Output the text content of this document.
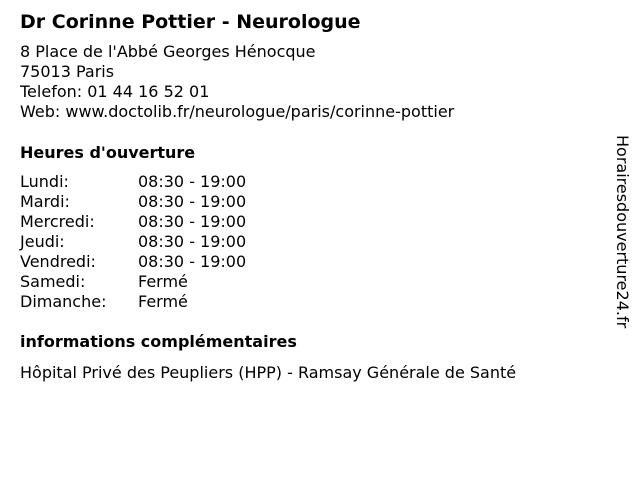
Dr Corinne Pottier - Neurologue
8 Place de l'Abbé Georges Hénocque
75013 Paris
Telefon: 01 44 16 52 01
Web: www.doctolib.fr/neurologue/paris/corinne-pottier
Heures d'ouverture
Lundi:	08:30 - 19:00
Mardi:	08:30 - 19:00
Mercredi:	08:30 - 19:00
Jeudi:	08:30 - 19:00
Vendredi:	08:30 - 19:00
Samedi:	Fermé
Dimanche:	Fermé
informations complémentaires
Hôpital Privé des Peupliers (HPP) - Ramsay Générale de Santé
Horairesdouverture24.fr
